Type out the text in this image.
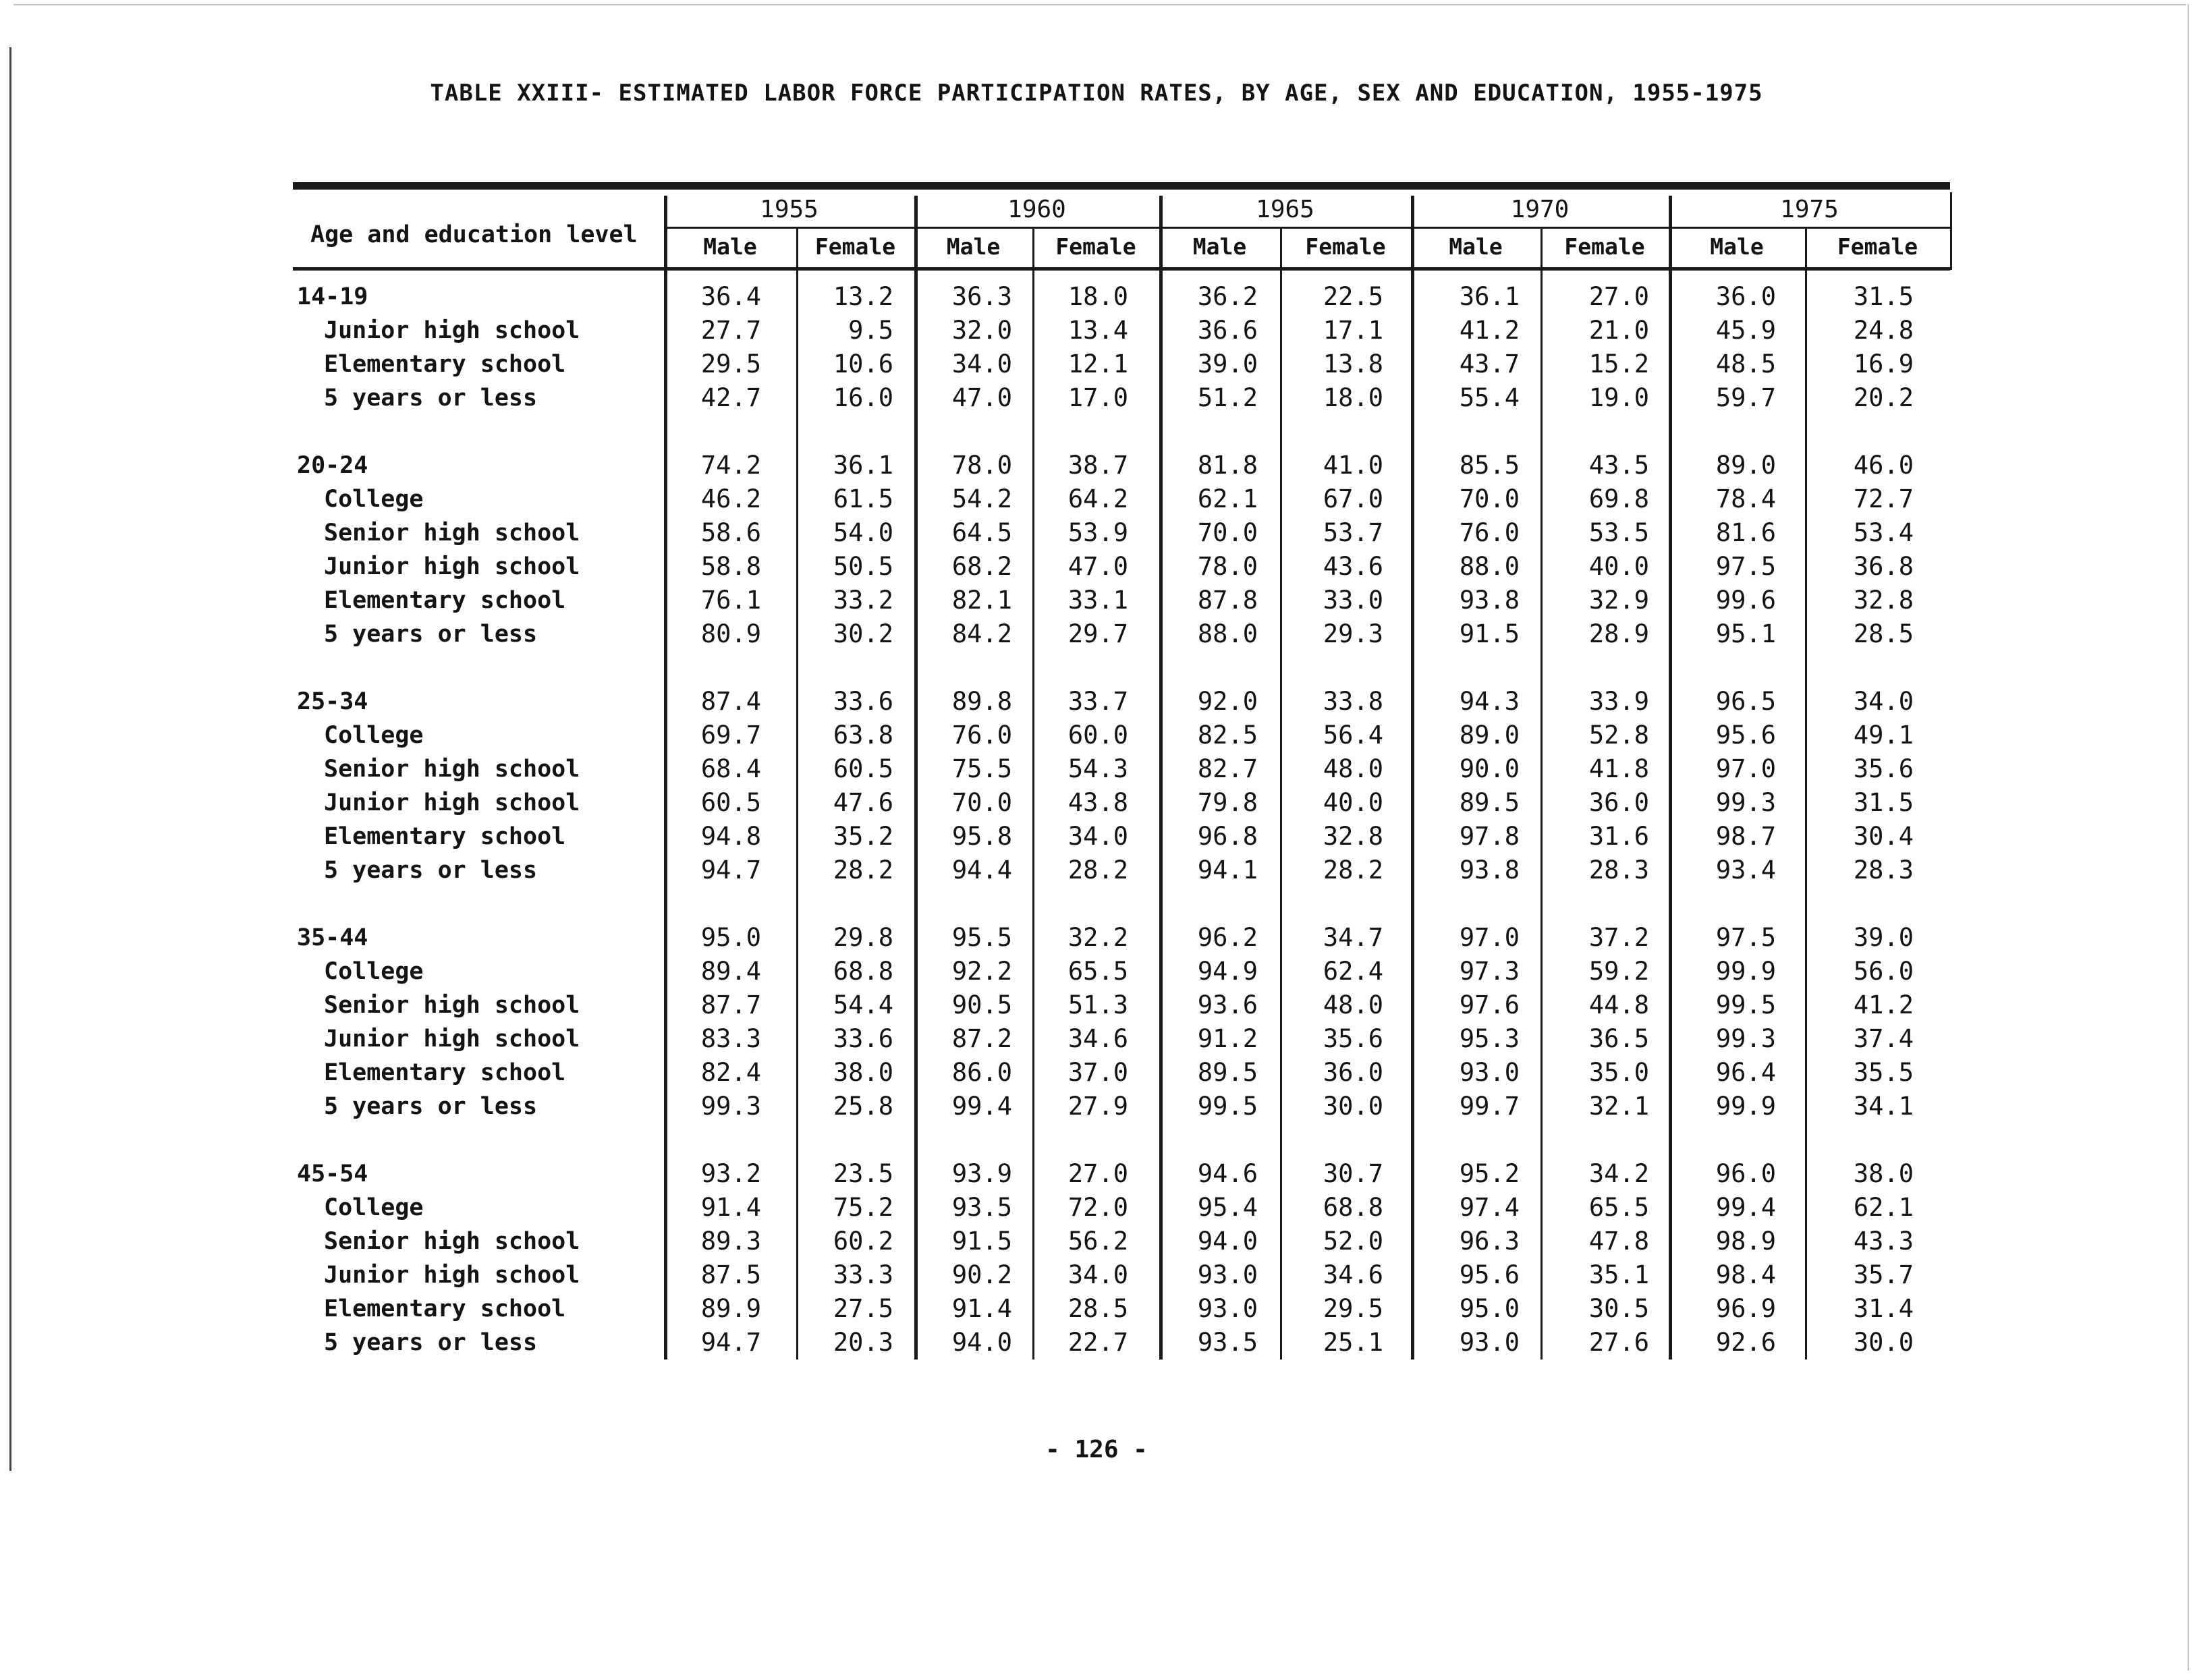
TABLE XXIII- ESTIMATED LABOR FORCE PARTICIPATION RATES, BY AGE, SEX AND EDUCATION, 1955-1975
Age and education level
1955
Male	Female
1960
Male	Female
1965
Male	Female
1970
Male	Female
1975
Male	Female
14-19	36.4	13.2	36.3	18.0	36.2	22.5	36.1	27.0	36.0	31.5
Junior high school	27.7	9.5	32.0	13.4	36.6	17.1	41.2	21.0	45.9	24.8
Elementary school	29.5	10.6	34.0	12.1	39.0	13.8	43.7	15.2	48.5	16.9
5 years or less	42.7	16.0	47.0	17.0	51.2	18.0	55.4	19.0	59.7	20.2
20-24	74.2	36.1	78.0	38.7	81.8	41.0	85.5	43.5	89.0	46.0
College	46.2	61.5	54.2	64.2	62.1	67.0	70.0	69.8	78.4	72.7
Senior high school	58.6	54.0	64.5	53.9	70.0	53.7	76.0	53.5	81.6	53.4
Junior high school	58.8	50.5	68.2	47.0	78.0	43.6	88.0	40.0	97.5	36.8
Elementary school	76.1	33.2	82.1	33.1	87.8	33.0	93.8	32.9	99.6	32.8
5 years or less	80.9	30.2	84.2	29.7	88.0	29.3	91.5	28.9	95.1	28.5
25-34	87.4	33.6	89.8	33.7	92.0	33.8	94.3	33.9	96.5	34.0
College	69.7	63.8	76.0	60.0	82.5	56.4	89.0	52.8	95.6	49.1
Senior high school	68.4	60.5	75.5	54.3	82.7	48.0	90.0	41.8	97.0	35.6
Junior high school	60.5	47.6	70.0	43.8	79.8	40.0	89.5	36.0	99.3	31.5
Elementary school	94.8	35.2	95.8	34.0	96.8	32.8	97.8	31.6	98.7	30.4
5 years or less	94.7	28.2	94.4	28.2	94.1	28.2	93.8	28.3	93.4	28.3
35-44	95.0	29.8	95.5	32.2	96.2	34.7	97.0	37.2	97.5	39.0
College	89.4	68.8	92.2	65.5	94.9	62.4	97.3	59.2	99.9	56.0
Senior high school	87.7	54.4	90.5	51.3	93.6	48.0	97.6	44.8	99.5	41.2
Junior high school	83.3	33.6	87.2	34.6	91.2	35.6	95.3	36.5	99.3	37.4
Elementary school	82.4	38.0	86.0	37.0	89.5	36.0	93.0	35.0	96.4	35.5
5 years or less	99.3	25.8	99.4	27.9	99.5	30.0	99.7	32.1	99.9	34.1
45-54	93.2	23.5	93.9	27.0	94.6	30.7	95.2	34.2	96.0	38.0
College	91.4	75.2	93.5	72.0	95.4	68.8	97.4	65.5	99.4	62.1
Senior high school	89.3	60.2	91.5	56.2	94.0	52.0	96.3	47.8	98.9	43.3
Junior high school	87.5	33.3	90.2	34.0	93.0	34.6	95.6	35.1	98.4	35.7
Elementary school	89.9	27.5	91.4	28.5	93.0	29.5	95.0	30.5	96.9	31.4
5 years or less	94.7	20.3	94.0	22.7	93.5	25.1	93.0	27.6	92.6	30.0
- 126 -
